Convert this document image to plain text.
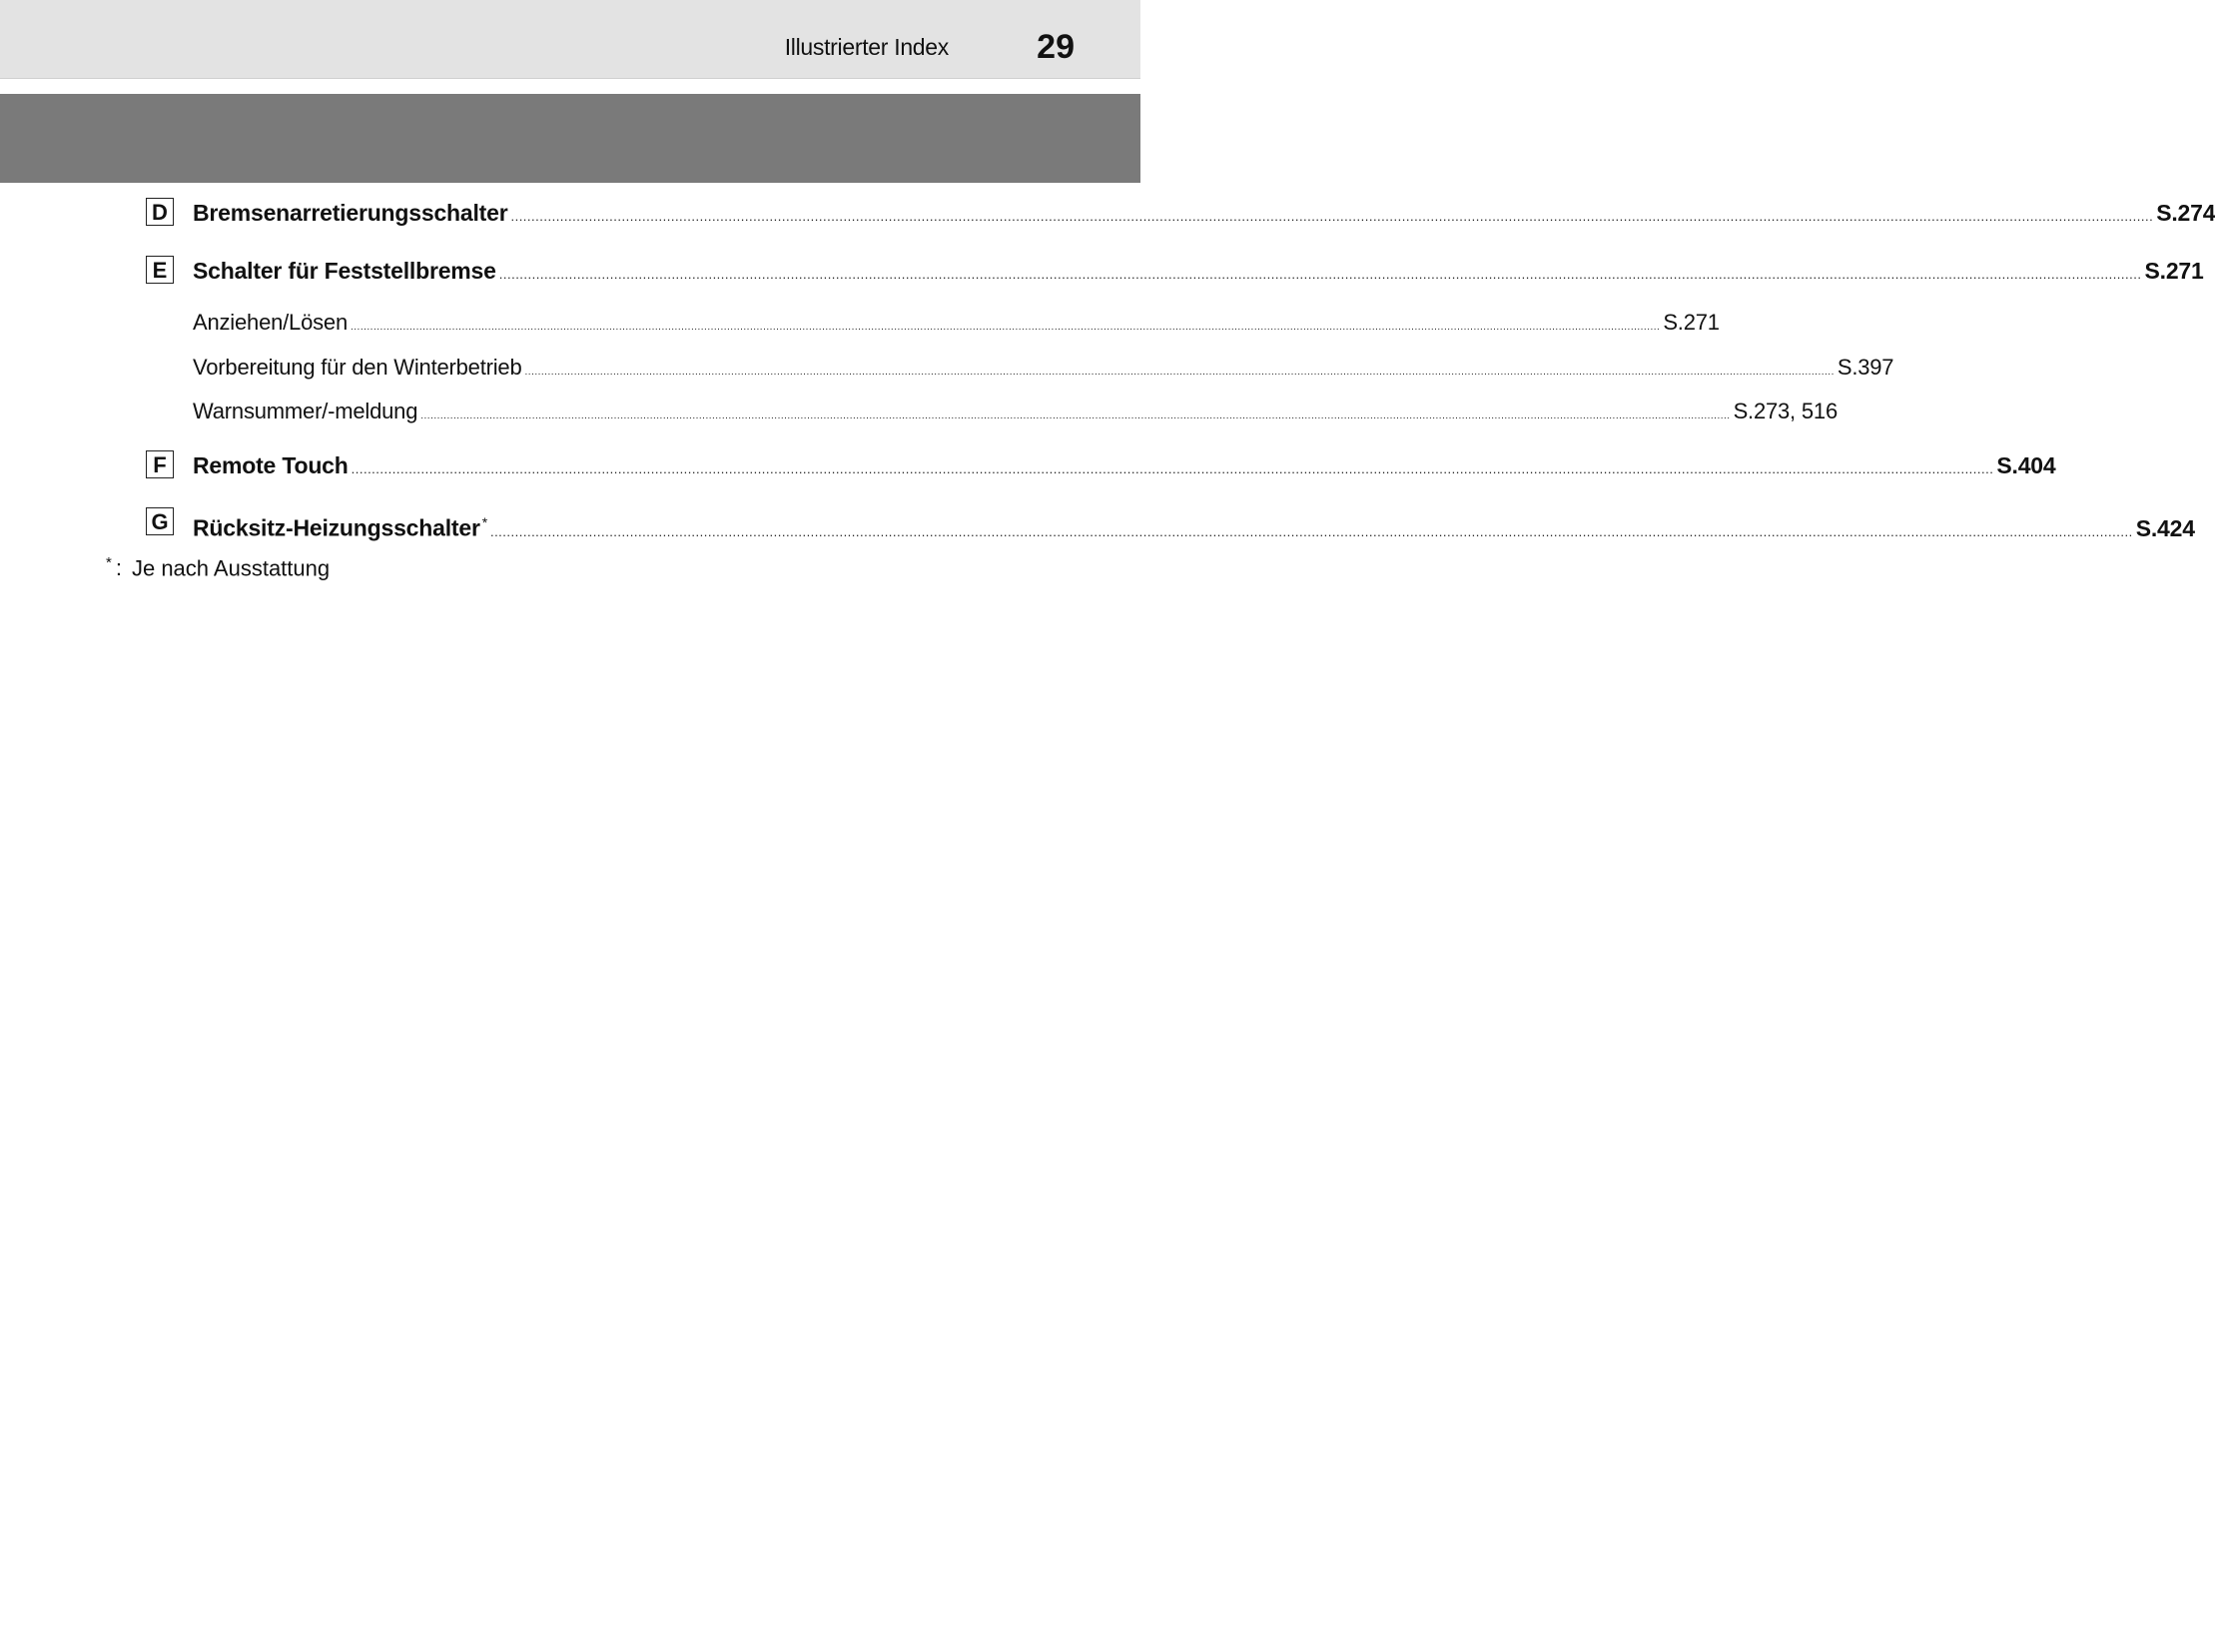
Illustrierter Index	29
D Bremsenarretierungsschalter ................................................................................................................................................................................................................................................................................................................................................................................................................ S.274
E Schalter für Feststellbremse ................................................................................................................................................................................................................................................................................................................................................................................................................ S.271
Anziehen/Lösen ................................................................................................................................................................................................................................................................................................................................................................................................................ S.271
Vorbereitung für den Winterbetrieb ................................................................................................................................................................................................................................................................................................................................................................................................................ S.397
Warnsummer/-meldung ................................................................................................................................................................................................................................................................................................................................................................................................................ S.273, 516
F	Remote Touch ................................................................................................................................................................................................................................................................................................................................................................................................................ S.404
G Rücksitz-Heizungsschalter *
................................................................................................................................................................................................................................................................................................................................................................................................................ S.424
* : Je nach Ausstattung
